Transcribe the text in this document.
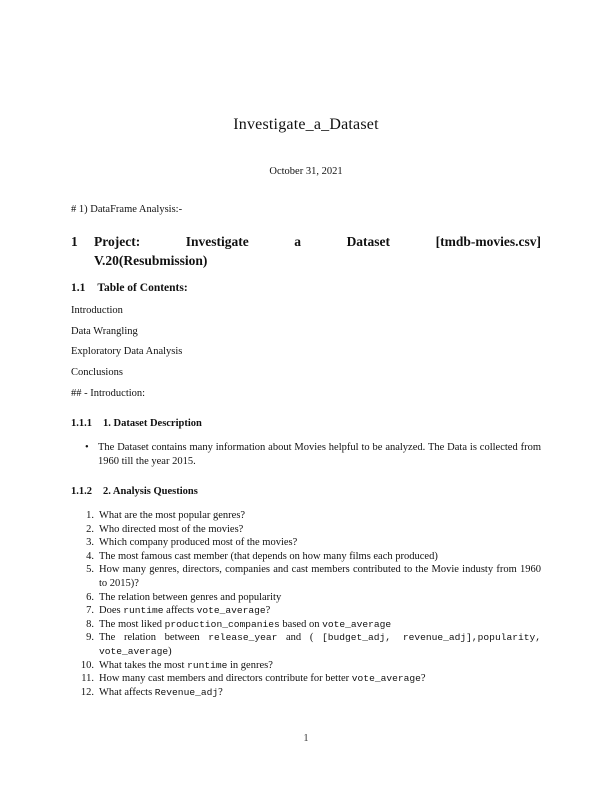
Investigate_a_Dataset
October 31, 2021

# 1) DataFrame Analysis:-

1	Project:	Investigate	a	Dataset	[tmdb-movies.csv]
V.20(Resubmission)
1.1 Table of Contents:

Introduction

Data Wrangling

Exploratory Data Analysis

Conclusions

## - Introduction:

1.1.1 1. Dataset Description
• The Dataset contains many information about Movies helpful to be analyzed. The Data is collected from 1960 till the year 2015.
1.1.2 2. Analysis Questions
1. What are the most popular genres?
2. Who directed most of the movies?
3. Which company produced most of the movies?
4. The most famous cast member (that depends on how many films each produced)
5. How many genres, directors, companies and cast members contributed to the Movie industy from 1960 to 2015)?
6. The relation between genres and popularity
7. Does runtime affects vote_average?
8. The most liked production_companies based on vote_average
9. The relation between release_year and ( [budget_adj, revenue_adj],popularity, vote_average)
10. What takes the most runtime in genres?
11. How many cast members and directors contribute for better vote_average?
12. What affects Revenue_adj?
1
